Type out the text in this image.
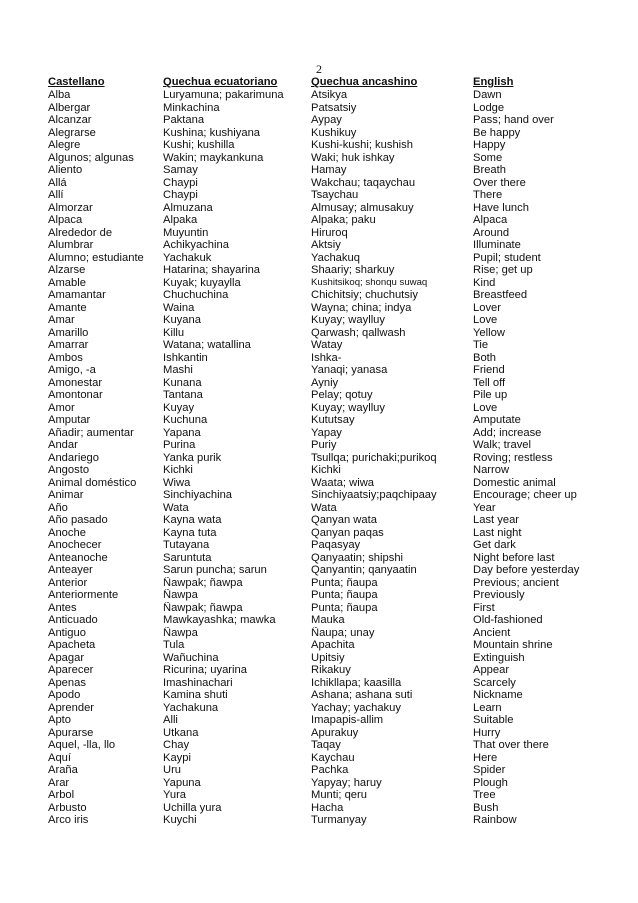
2
Castellano	Quechua ecuatoriano	Quechua ancashino	English
Alba	Luryamuna; pakarimuna	Atsikya	Dawn
Albergar	Minkachina	Patsatsiy	Lodge
Alcanzar	Paktana	Aypay	Pass; hand over
Alegrarse	Kushina; kushiyana	Kushikuy	Be happy
Alegre	Kushi; kushilla	Kushi-kushi; kushish	Happy
Algunos; algunas	Wakin; maykankuna	Waki; huk ishkay	Some
Aliento	Samay	Hamay	Breath
Allá	Chaypi	Wakchau; taqaychau	Over there
Allí	Chaypi	Tsaychau	There
Almorzar	Almuzana	Almusay; almusakuy	Have lunch
Alpaca	Alpaka	Alpaka; paku	Alpaca
Alrededor de	Muyuntin	Hiruroq	Around
Alumbrar	Achikyachina	Aktsiy	Illuminate
Alumno; estudiante	Yachakuk	Yachakuq	Pupil; student
Alzarse	Hatarina; shayarina	Shaariy; sharkuy	Rise; get up
Amable	Kuyak; kuyaylla	Kushitsikoq; shonqu suwaq	Kind
Amamantar	Chuchuchina	Chichitsiy; chuchutsiy	Breastfeed
Amante	Waina	Wayna; china; indya	Lover
Amar	Kuyana	Kuyay; waylluy	Love
Amarillo	Killu	Qarwash; qallwash	Yellow
Amarrar	Watana; watallina	Watay	Tie
Ambos	Ishkantin	Ishka-	Both
Amigo, -a	Mashi	Yanaqi; yanasa	Friend
Amonestar	Kunana	Ayniy	Tell off
Amontonar	Tantana	Pelay; qotuy	Pile up
Amor	Kuyay	Kuyay; waylluy	Love
Amputar	Kuchuna	Kututsay	Amputate
Añadir; aumentar	Yapana	Yapay	Add; increase
Andar	Purina	Puriy	Walk; travel
Andariego	Yanka purik	Tsullqa; purichaki;purikoq	Roving; restless
Angosto	Kichki	Kichki	Narrow
Animal doméstico	Wiwa	Waata; wiwa	Domestic animal
Animar	Sinchiyachina	Sinchiyaatsiy;paqchipaay	Encourage; cheer up
Año	Wata	Wata	Year
Año pasado	Kayna wata	Qanyan wata	Last year
Anoche	Kayna tuta	Qanyan paqas	Last night
Anochecer	Tutayana	Paqasyay	Get dark
Anteanoche	Saruntuta	Qanyaatin; shipshi	Night before last
Anteayer	Sarun puncha; sarun	Qanyantin; qanyaatin	Day before yesterday
Anterior	Ñawpak; ñawpa	Punta; ñaupa	Previous; ancient
Anteriormente	Ñawpa	Punta; ñaupa	Previously
Antes	Ñawpak; ñawpa	Punta; ñaupa	First
Anticuado	Mawkayashka; mawka	Mauka	Old-fashioned
Antiguo	Ñawpa	Ñaupa; unay	Ancient
Apacheta	Tula	Apachita	Mountain shrine
Apagar	Wañuchina	Upitsiy	Extinguish
Aparecer	Ricurina; uyarina	Rikakuy	Appear
Apenas	Imashinachari	Ichikllapa; kaasilla	Scarcely
Apodo	Kamina shuti	Ashana; ashana suti	Nickname
Aprender	Yachakuna	Yachay; yachakuy	Learn
Apto	Alli	Imapapis-allim	Suitable
Apurarse	Utkana	Apurakuy	Hurry
Aquel, -lla, llo	Chay	Taqay	That over there
Aquí	Kaypi	Kaychau	Here
Araña	Uru	Pachka	Spider
Arar	Yapuna	Yapyay; haruy	Plough
Arbol	Yura	Munti; qeru	Tree
Arbusto	Uchilla yura	Hacha	Bush
Arco iris	Kuychi	Turmanyay	Rainbow
